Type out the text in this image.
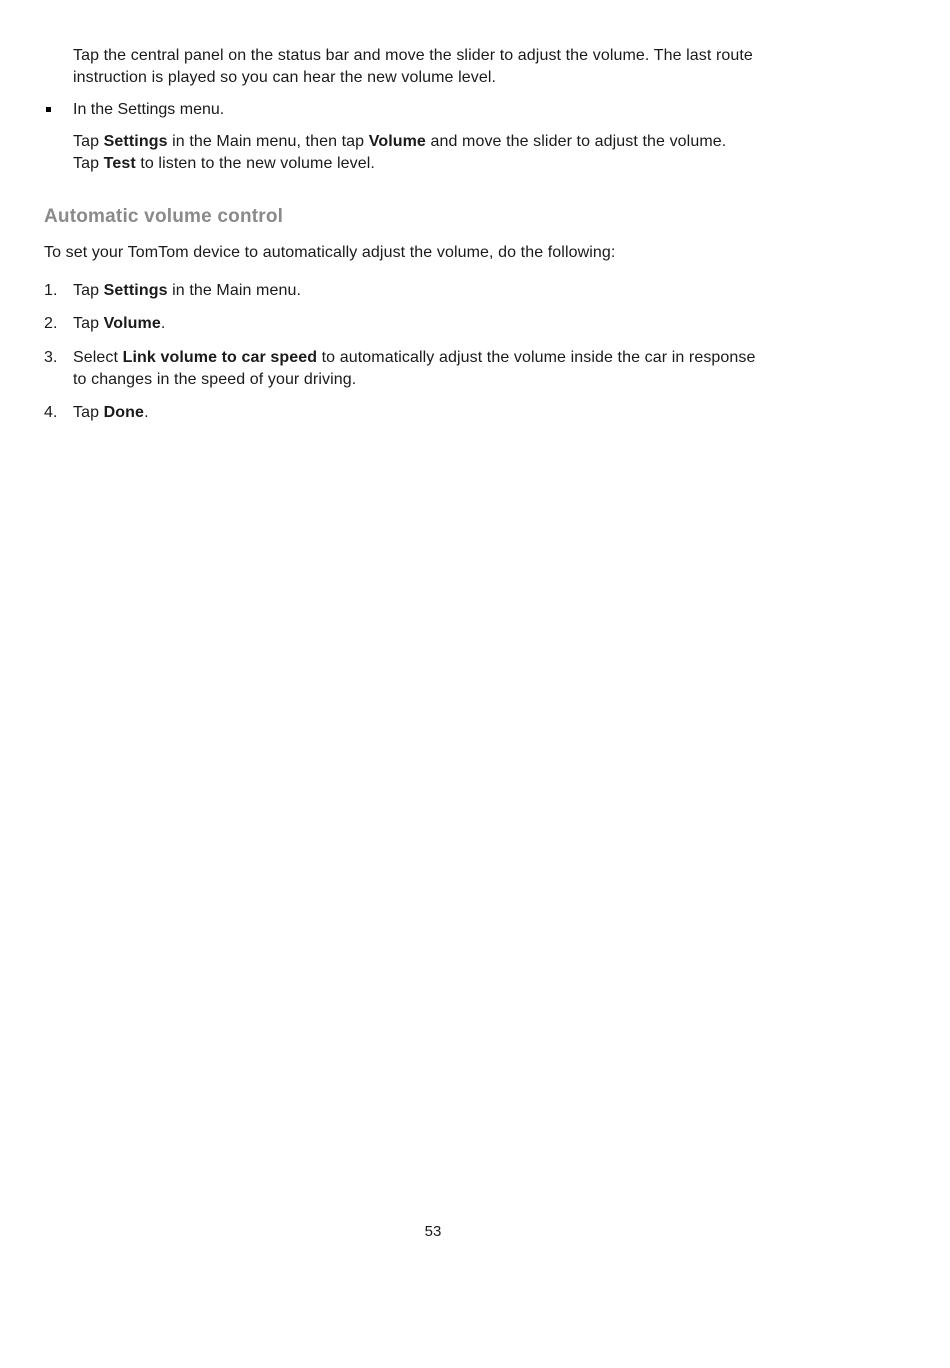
Tap the central panel on the status bar and move the slider to adjust the volume. The last route
instruction is played so you can hear the new volume level.

In the Settings menu.

Tap Settings in the Main menu, then tap Volume and move the slider to adjust the volume.
Tap Test to listen to the new volume level.

Automatic volume control

To set your TomTom device to automatically adjust the volume, do the following:

1. Tap Settings in the Main menu.
2. Tap Volume.
3. Select Link volume to car speed to automatically adjust the volume inside the car in response
to changes in the speed of your driving.
4. Tap Done.
53
